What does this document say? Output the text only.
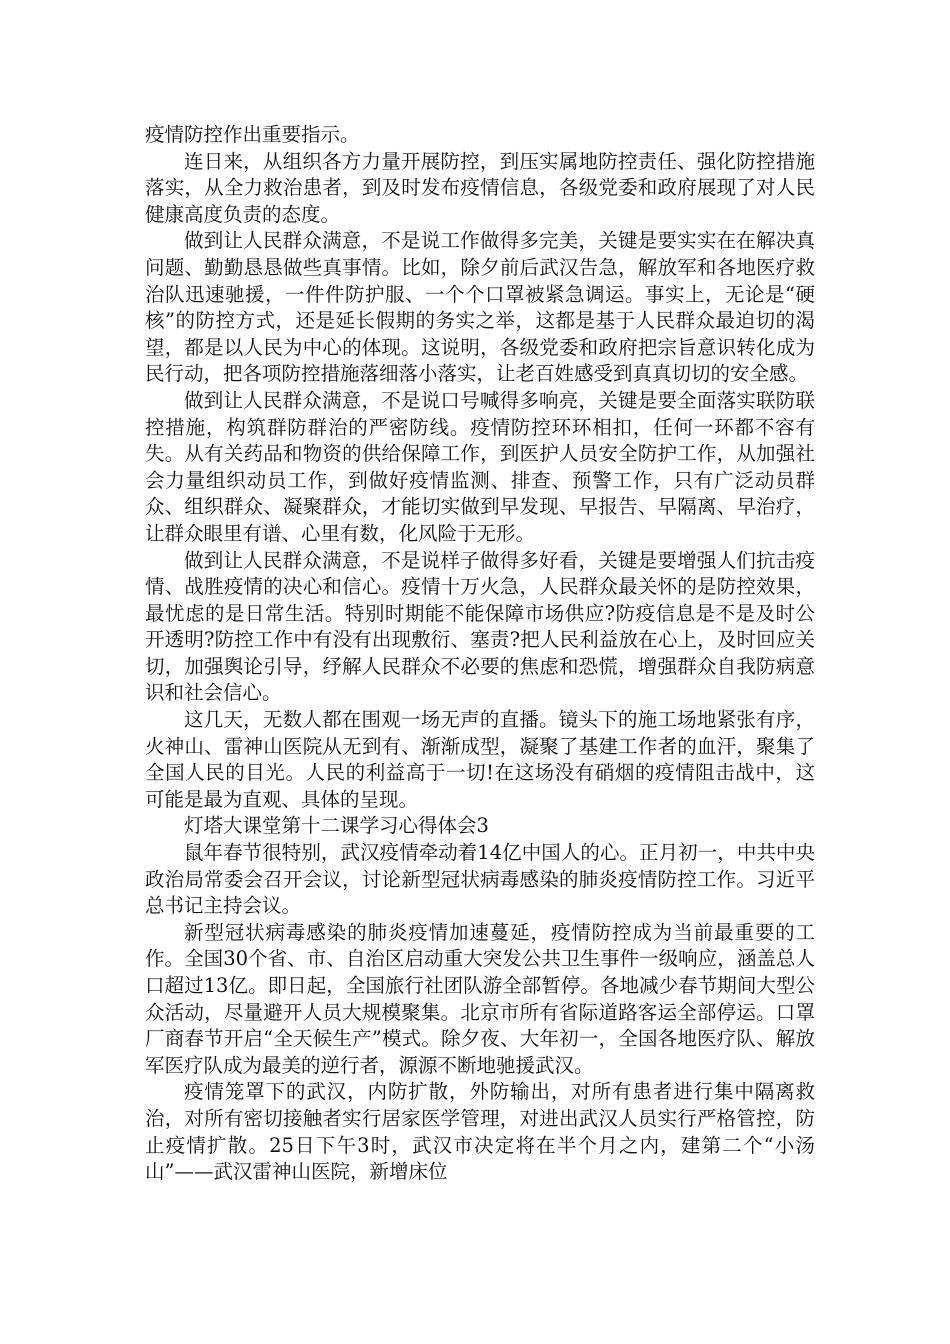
疫情防控作出重要指示。

连日来，从组织各方力量开展防控，到压实属地防控责任、强化防控措施落实，从全力救治患者，到及时发布疫情信息，各级党委和政府展现了对人民健康高度负责的态度。

做到让人民群众满意，不是说工作做得多完美，关键是要实实在在解决真问题、勤勤恳恳做些真事情。比如，除夕前后武汉告急，解放军和各地医疗救治队迅速驰援，一件件防护服、一个个口罩被紧急调运。事实上，无论是“硬核”的防控方式，还是延长假期的务实之举，这都是基于人民群众最迫切的渴望，都是以人民为中心的体现。这说明，各级党委和政府把宗旨意识转化成为民行动，把各项防控措施落细落小落实，让老百姓感受到真真切切的安全感。

做到让人民群众满意，不是说口号喊得多响亮，关键是要全面落实联防联控措施，构筑群防群治的严密防线。疫情防控环环相扣，任何一环都不容有失。从有关药品和物资的供给保障工作，到医护人员安全防护工作，从加强社会力量组织动员工作，到做好疫情监测、排查、预警工作，只有广泛动员群众、组织群众、凝聚群众，才能切实做到早发现、早报告、早隔离、早治疗，让群众眼里有谱、心里有数，化风险于无形。

做到让人民群众满意，不是说样子做得多好看，关键是要增强人们抗击疫情、战胜疫情的决心和信心。疫情十万火急，人民群众最关怀的是防控效果，最忧虑的是日常生活。特别时期能不能保障市场供应?防疫信息是不是及时公开透明?防控工作中有没有出现敷衍、塞责?把人民利益放在心上，及时回应关切，加强舆论引导，纾解人民群众不必要的焦虑和恐慌，增强群众自我防病意识和社会信心。

这几天，无数人都在围观一场无声的直播。镜头下的施工场地紧张有序，火神山、雷神山医院从无到有、渐渐成型，凝聚了基建工作者的血汗，聚集了全国人民的目光。人民的利益高于一切!在这场没有硝烟的疫情阻击战中，这可能是最为直观、具体的呈现。

灯塔大课堂第十二课学习心得体会3

鼠年春节很特别，武汉疫情牵动着14亿中国人的心。正月初一，中共中央政治局常委会召开会议，讨论新型冠状病毒感染的肺炎疫情防控工作。习近平总书记主持会议。

新型冠状病毒感染的肺炎疫情加速蔓延，疫情防控成为当前最重要的工作。全国30个省、市、自治区启动重大突发公共卫生事件一级响应，涵盖总人口超过13亿。即日起，全国旅行社团队游全部暂停。各地减少春节期间大型公众活动，尽量避开人员大规模聚集。北京市所有省际道路客运全部停运。口罩厂商春节开启“全天候生产”模式。除夕夜、大年初一，全国各地医疗队、解放军医疗队成为最美的逆行者，源源不断地驰援武汉。

疫情笼罩下的武汉，内防扩散，外防输出，对所有患者进行集中隔离救治，对所有密切接触者实行居家医学管理，对进出武汉人员实行严格管控，防止疫情扩散。25日下午3时，武汉市决定将在半个月之内，建第二个“小汤山”——武汉雷神山医院，新增床位
